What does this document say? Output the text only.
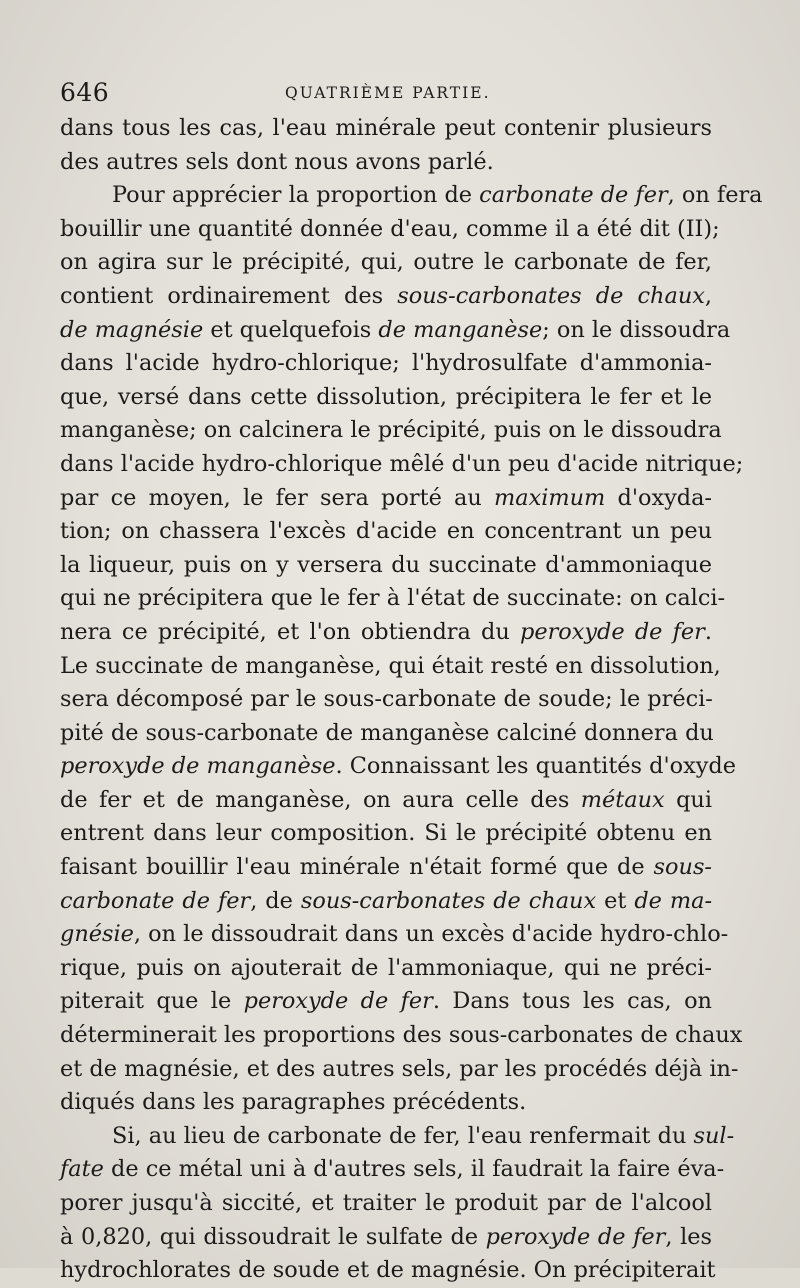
646	QUATRIÈME PARTIE.
dans tous les cas, l'eau minérale peut contenir plusieurs
des autres sels dont nous avons parlé.
Pour apprécier la proportion de carbonate de fer, on fera
bouillir une quantité donnée d'eau, comme il a été dit (II);
on agira sur le précipité, qui, outre le carbonate de fer,
contient ordinairement des sous-carbonates de chaux,
de magnésie et quelquefois de manganèse; on le dissoudra
dans l'acide hydro-chlorique; l'hydrosulfate d'ammonia-
que, versé dans cette dissolution, précipitera le fer et le
manganèse; on calcinera le précipité, puis on le dissoudra
dans l'acide hydro-chlorique mêlé d'un peu d'acide nitrique;
par ce moyen, le fer sera porté au maximum d'oxyda-
tion; on chassera l'excès d'acide en concentrant un peu
la liqueur, puis on y versera du succinate d'ammoniaque
qui ne précipitera que le fer à l'état de succinate: on calci-
nera ce précipité, et l'on obtiendra du peroxyde de fer.
Le succinate de manganèse, qui était resté en dissolution,
sera décomposé par le sous-carbonate de soude; le préci-
pité de sous-carbonate de manganèse calciné donnera du
peroxyde de manganèse. Connaissant les quantités d'oxyde
de fer et de manganèse, on aura celle des métaux qui
entrent dans leur composition. Si le précipité obtenu en
faisant bouillir l'eau minérale n'était formé que de sous-
carbonate de fer, de sous-carbonates de chaux et de ma-
gnésie, on le dissoudrait dans un excès d'acide hydro-chlo-
rique, puis on ajouterait de l'ammoniaque, qui ne préci-
piterait que le peroxyde de fer. Dans tous les cas, on
déterminerait les proportions des sous-carbonates de chaux
et de magnésie, et des autres sels, par les procédés déjà in-
diqués dans les paragraphes précédents.
Si, au lieu de carbonate de fer, l'eau renfermait du sul-
fate de ce métal uni à d'autres sels, il faudrait la faire éva-
porer jusqu'à siccité, et traiter le produit par de l'alcool
à 0,820, qui dissoudrait le sulfate de peroxyde de fer, les
hydrochlorates de soude et de magnésie. On précipiterait
